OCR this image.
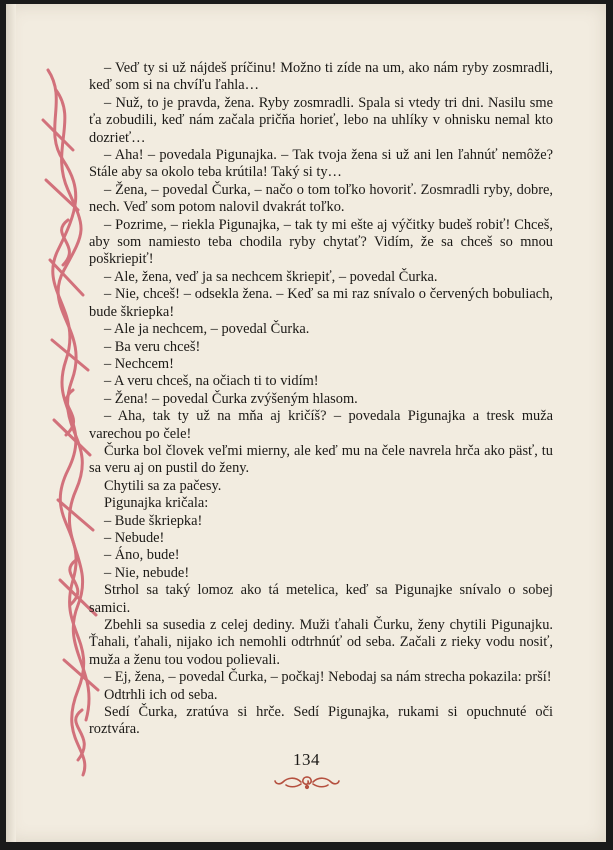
– Veď ty si už nájdeš príčinu! Možno ti zíde na um, ako nám ryby zosmradli, keď som si na chvíľu ľahla…

– Nuž, to je pravda, žena. Ryby zosmradli. Spala si vtedy tri dni. Nasilu sme ťa zobudili, keď nám začala pričňa horieť, lebo na uhlíky v ohnisku nemal kto dozrieť…

– Aha! – povedala Pigunajka. – Tak tvoja žena si už ani len ľahnúť nemôže? Stále aby sa okolo teba krútila! Taký si ty…

– Žena, – povedal Čurka, – načo o tom toľko hovoriť. Zosmradli ryby, dobre, nech. Veď som potom nalovil dvakrát toľko.

– Pozrime, – riekla Pigunajka, – tak ty mi ešte aj výčitky budeš robiť! Chceš, aby som namiesto teba chodila ryby chytať? Vidím, že sa chceš so mnou poškriepiť!

– Ale, žena, veď ja sa nechcem škriepiť, – povedal Čurka.

– Nie, chceš! – odsekla žena. – Keď sa mi raz snívalo o červených bobuliach, bude škriepka!

– Ale ja nechcem, – povedal Čurka.

– Ba veru chceš!

– Nechcem!

– A veru chceš, na očiach ti to vidím!

– Žena! – povedal Čurka zvýšeným hlasom.

– Aha, tak ty už na mňa aj kričíš? – povedala Pigunajka a tresk muža varechou po čele!

Čurka bol človek veľmi mierny, ale keď mu na čele navrela hrča ako päsť, tu sa veru aj on pustil do ženy.

Chytili sa za pačesy.

Pigunajka kričala:

– Bude škriepka!

– Nebude!

– Áno, bude!

– Nie, nebude!

Strhol sa taký lomoz ako tá metelica, keď sa Pigunajke snívalo o sobej samici.

Zbehli sa susedia z celej dediny. Muži ťahali Čurku, ženy chytili Pigunajku. Ťahali, ťahali, nijako ich nemohli odtrhnúť od seba. Začali z rieky vodu nosiť, muža a ženu tou vodou polievali.

– Ej, žena, – povedal Čurka, – počkaj! Nebodaj sa nám strecha pokazila: prší!

Odtrhli ich od seba.

Sedí Čurka, zratúva si hrče. Sedí Pigunajka, rukami si opuchnuté oči roztvára.

134
